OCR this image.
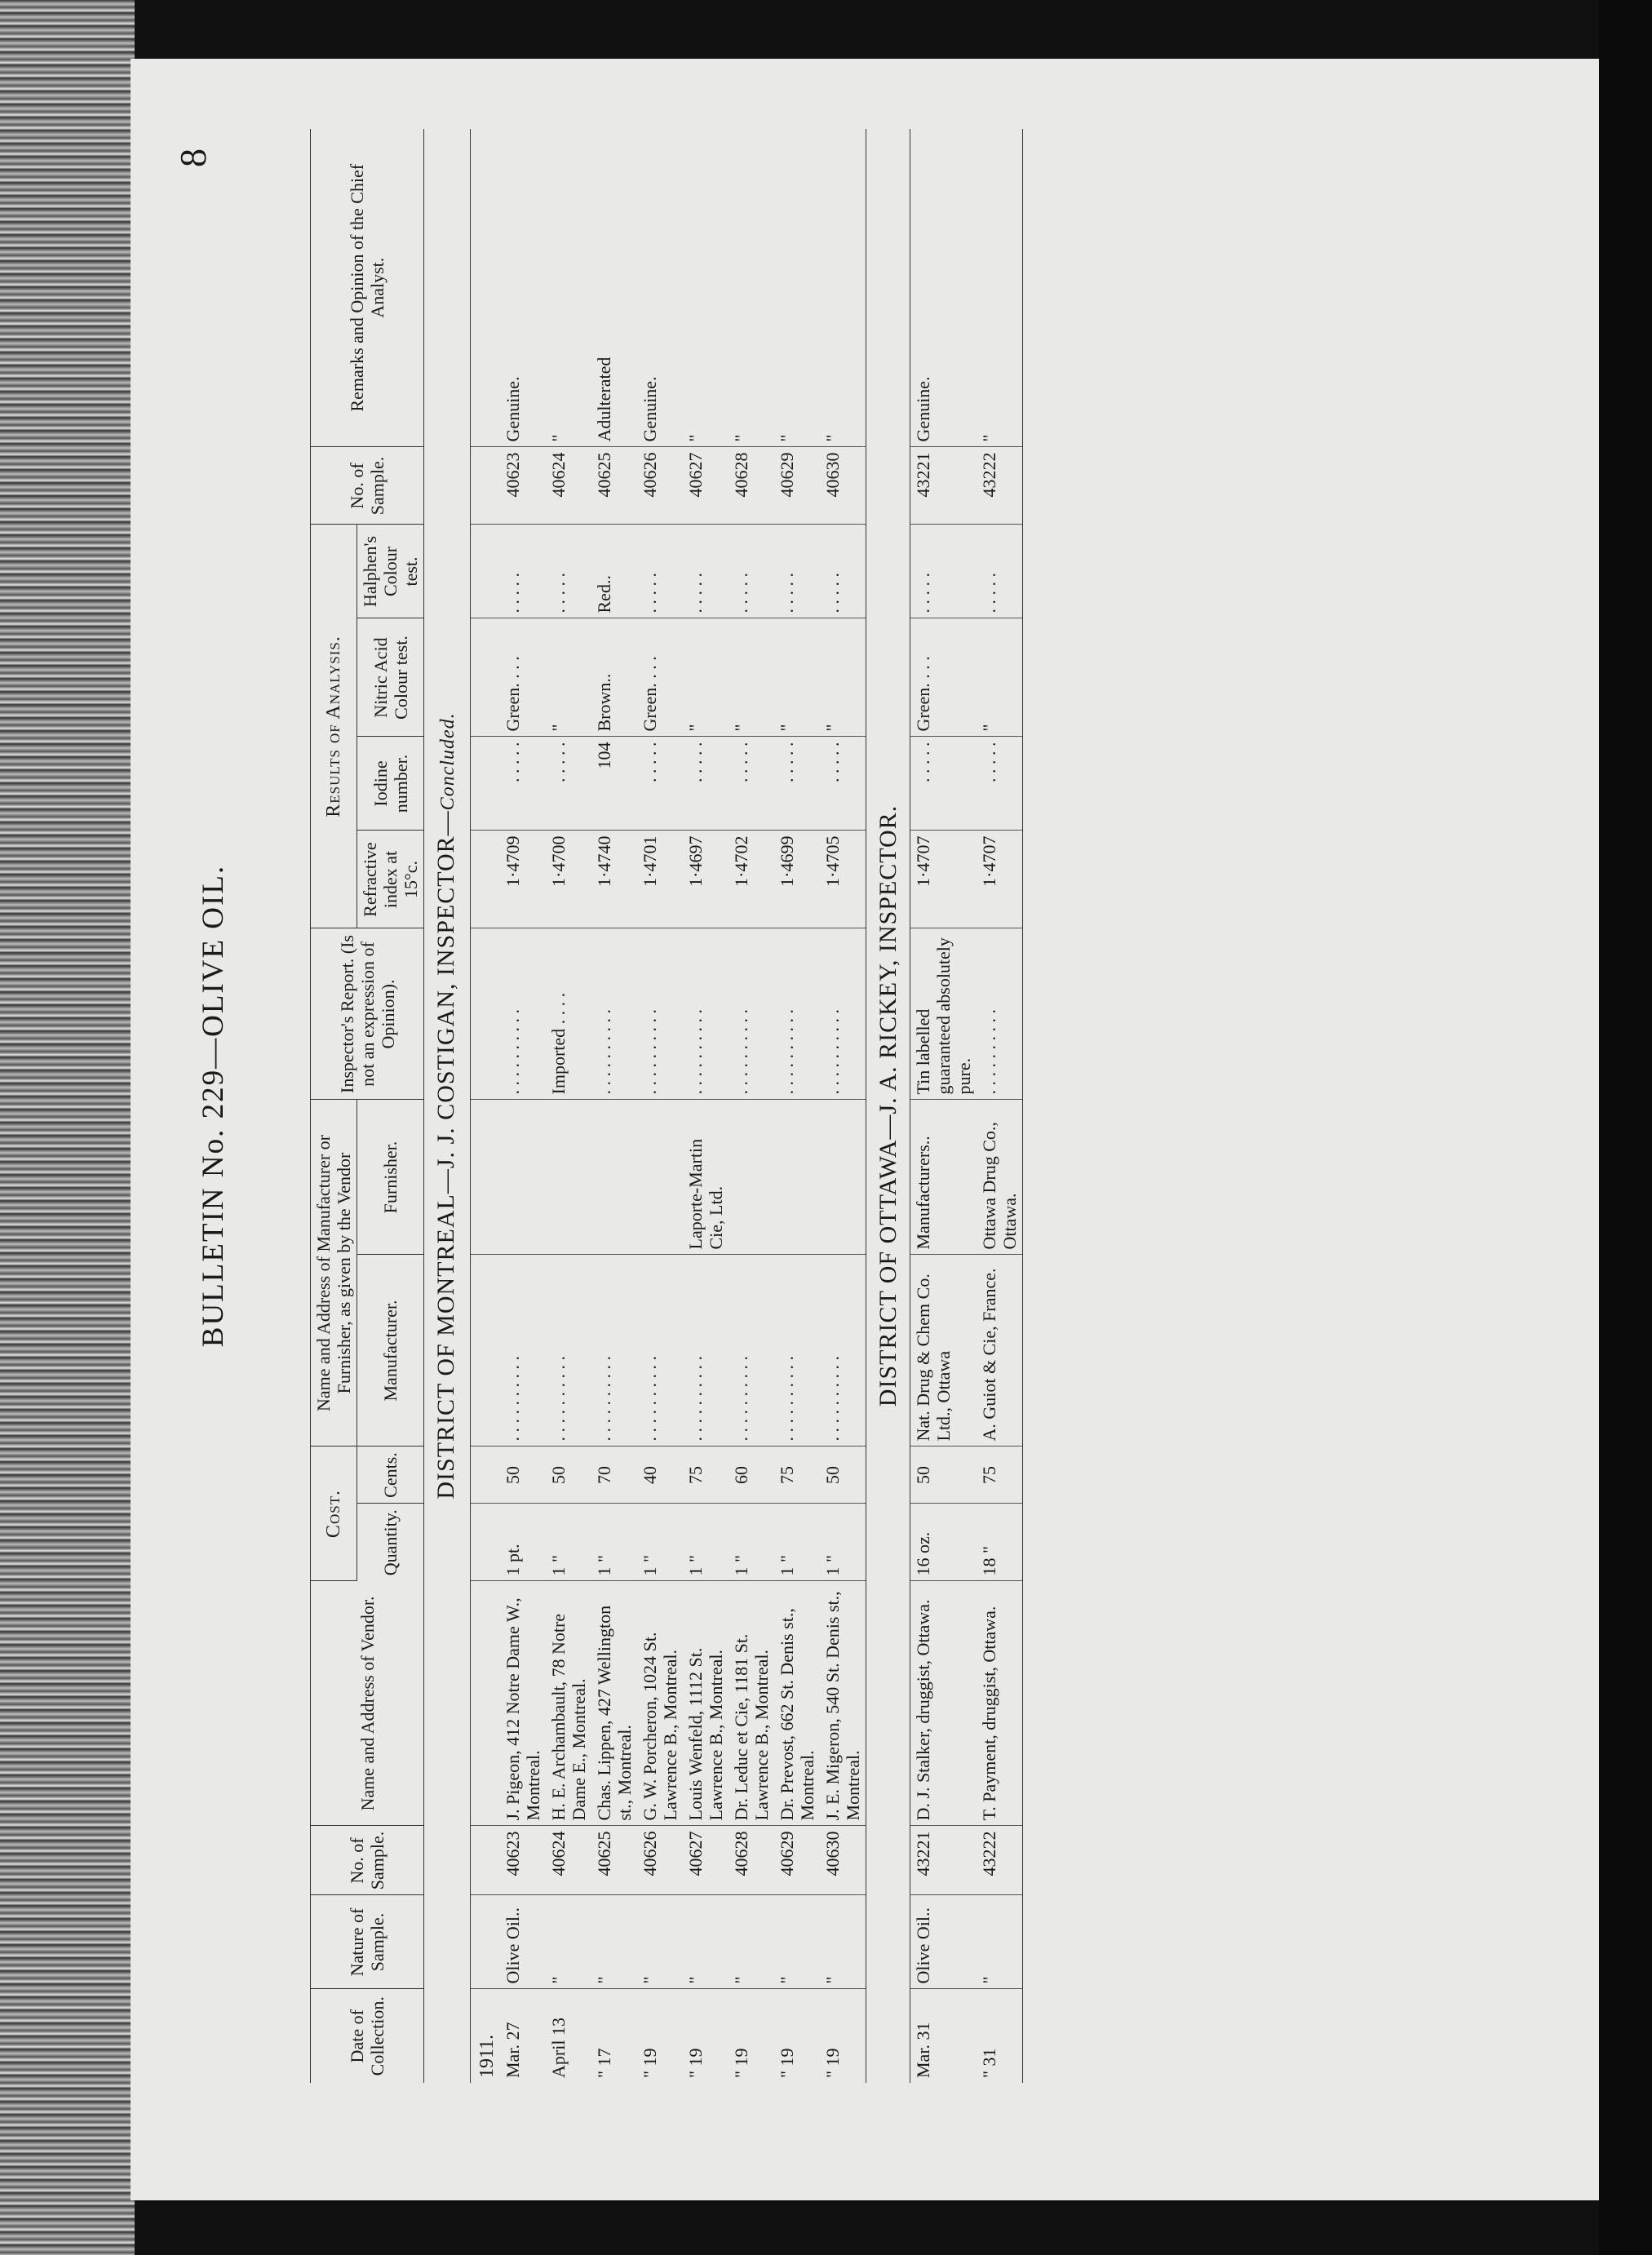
8
BULLETIN No. 229—OLIVE OIL.
Date of Collection.	Nature of Sample.	No. of Sample.	Name and Address of Vendor.	Cost.		Name and Address of Manufacturer or Furnisher, as given by the Vendor		Inspector's Report. (Is not an expression of Opinion).	Results of Analysis.				No. of Sample.	Remarks and Opinion of the Chief Analyst.
				Quantity.	Cents.	Manufacturer.	Furnisher.		Refractive index at 15°c.	Iodine number.	Nitric Acid Colour test.	Halphen's Colour test.		

DISTRICT OF MONTREAL—J. J. COSTIGAN, INSPECTOR—Concluded.														

1911.														
Mar. 27	Olive Oil..	40623	J. Pigeon, 412 Notre Dame W., Montreal.	1 pt.	50	. . . . . . . . . .		. . . . . . . . . .	1·4709	. . . . .	Green. . . .	. . . . .	40623	Genuine.
April 13	"	40624	H. E. Archambault, 78 Notre Dame E., Montreal.	1 "	50	. . . . . . . . . .		Imported . . . .	1·4700	. . . . .	"	. . . . .	40624	"
" 17	"	40625	Chas. Lippen, 427 Wellington st., Montreal.	1 "	70	. . . . . . . . . .		. . . . . . . . . .	1·4740	104	Brown..	Red..	40625	Adulterated
" 19	"	40626	G. W. Porcheron, 1024 St. Lawrence B., Montreal.	1 "	40	. . . . . . . . . .		. . . . . . . . . .	1·4701	. . . . .	Green. . . .	. . . . .	40626	Genuine.
" 19	"	40627	Louis Wenfeld, 1112 St. Lawrence B., Montreal.	1 "	75	. . . . . . . . . .	Laporte-Martin Cie, Ltd.	. . . . . . . . . .	1·4697	. . . . .	"	. . . . .	40627	"
" 19	"	40628	Dr. Leduc et Cie, 1181 St. Lawrence B., Montreal.	1 "	60	. . . . . . . . . .		. . . . . . . . . .	1·4702	. . . . .	"	. . . . .	40628	"
" 19	"	40629	Dr. Prevost, 662 St. Denis st., Montreal.	1 "	75	. . . . . . . . . .		. . . . . . . . . .	1·4699	. . . . .	"	. . . . .	40629	"
" 19	"	40630	J. E. Migeron, 540 St. Denis st., Montreal.	1 "	50	. . . . . . . . . .		. . . . . . . . . .	1·4705	. . . . .	"	. . . . .	40630	"

DISTRICT OF OTTAWA—J. A. RICKEY, INSPECTOR.														

Mar. 31	Olive Oil..	43221	D. J. Stalker, druggist, Ottawa.	16 oz.	50	Nat. Drug & Chem Co. Ltd., Ottawa	Manufacturers..	Tin labelled guaranteed absolutely pure.	1·4707	. . . . .	Green. . . .	. . . . .	43221	Genuine.
" 31	"	43222	T. Payment, druggist, Ottawa.	18 "	75	A. Guiot & Cie, France.	Ottawa Drug Co., Ottawa.	. . . . . . . . . .	1·4707	. . . . .	"	. . . . .	43222	"
